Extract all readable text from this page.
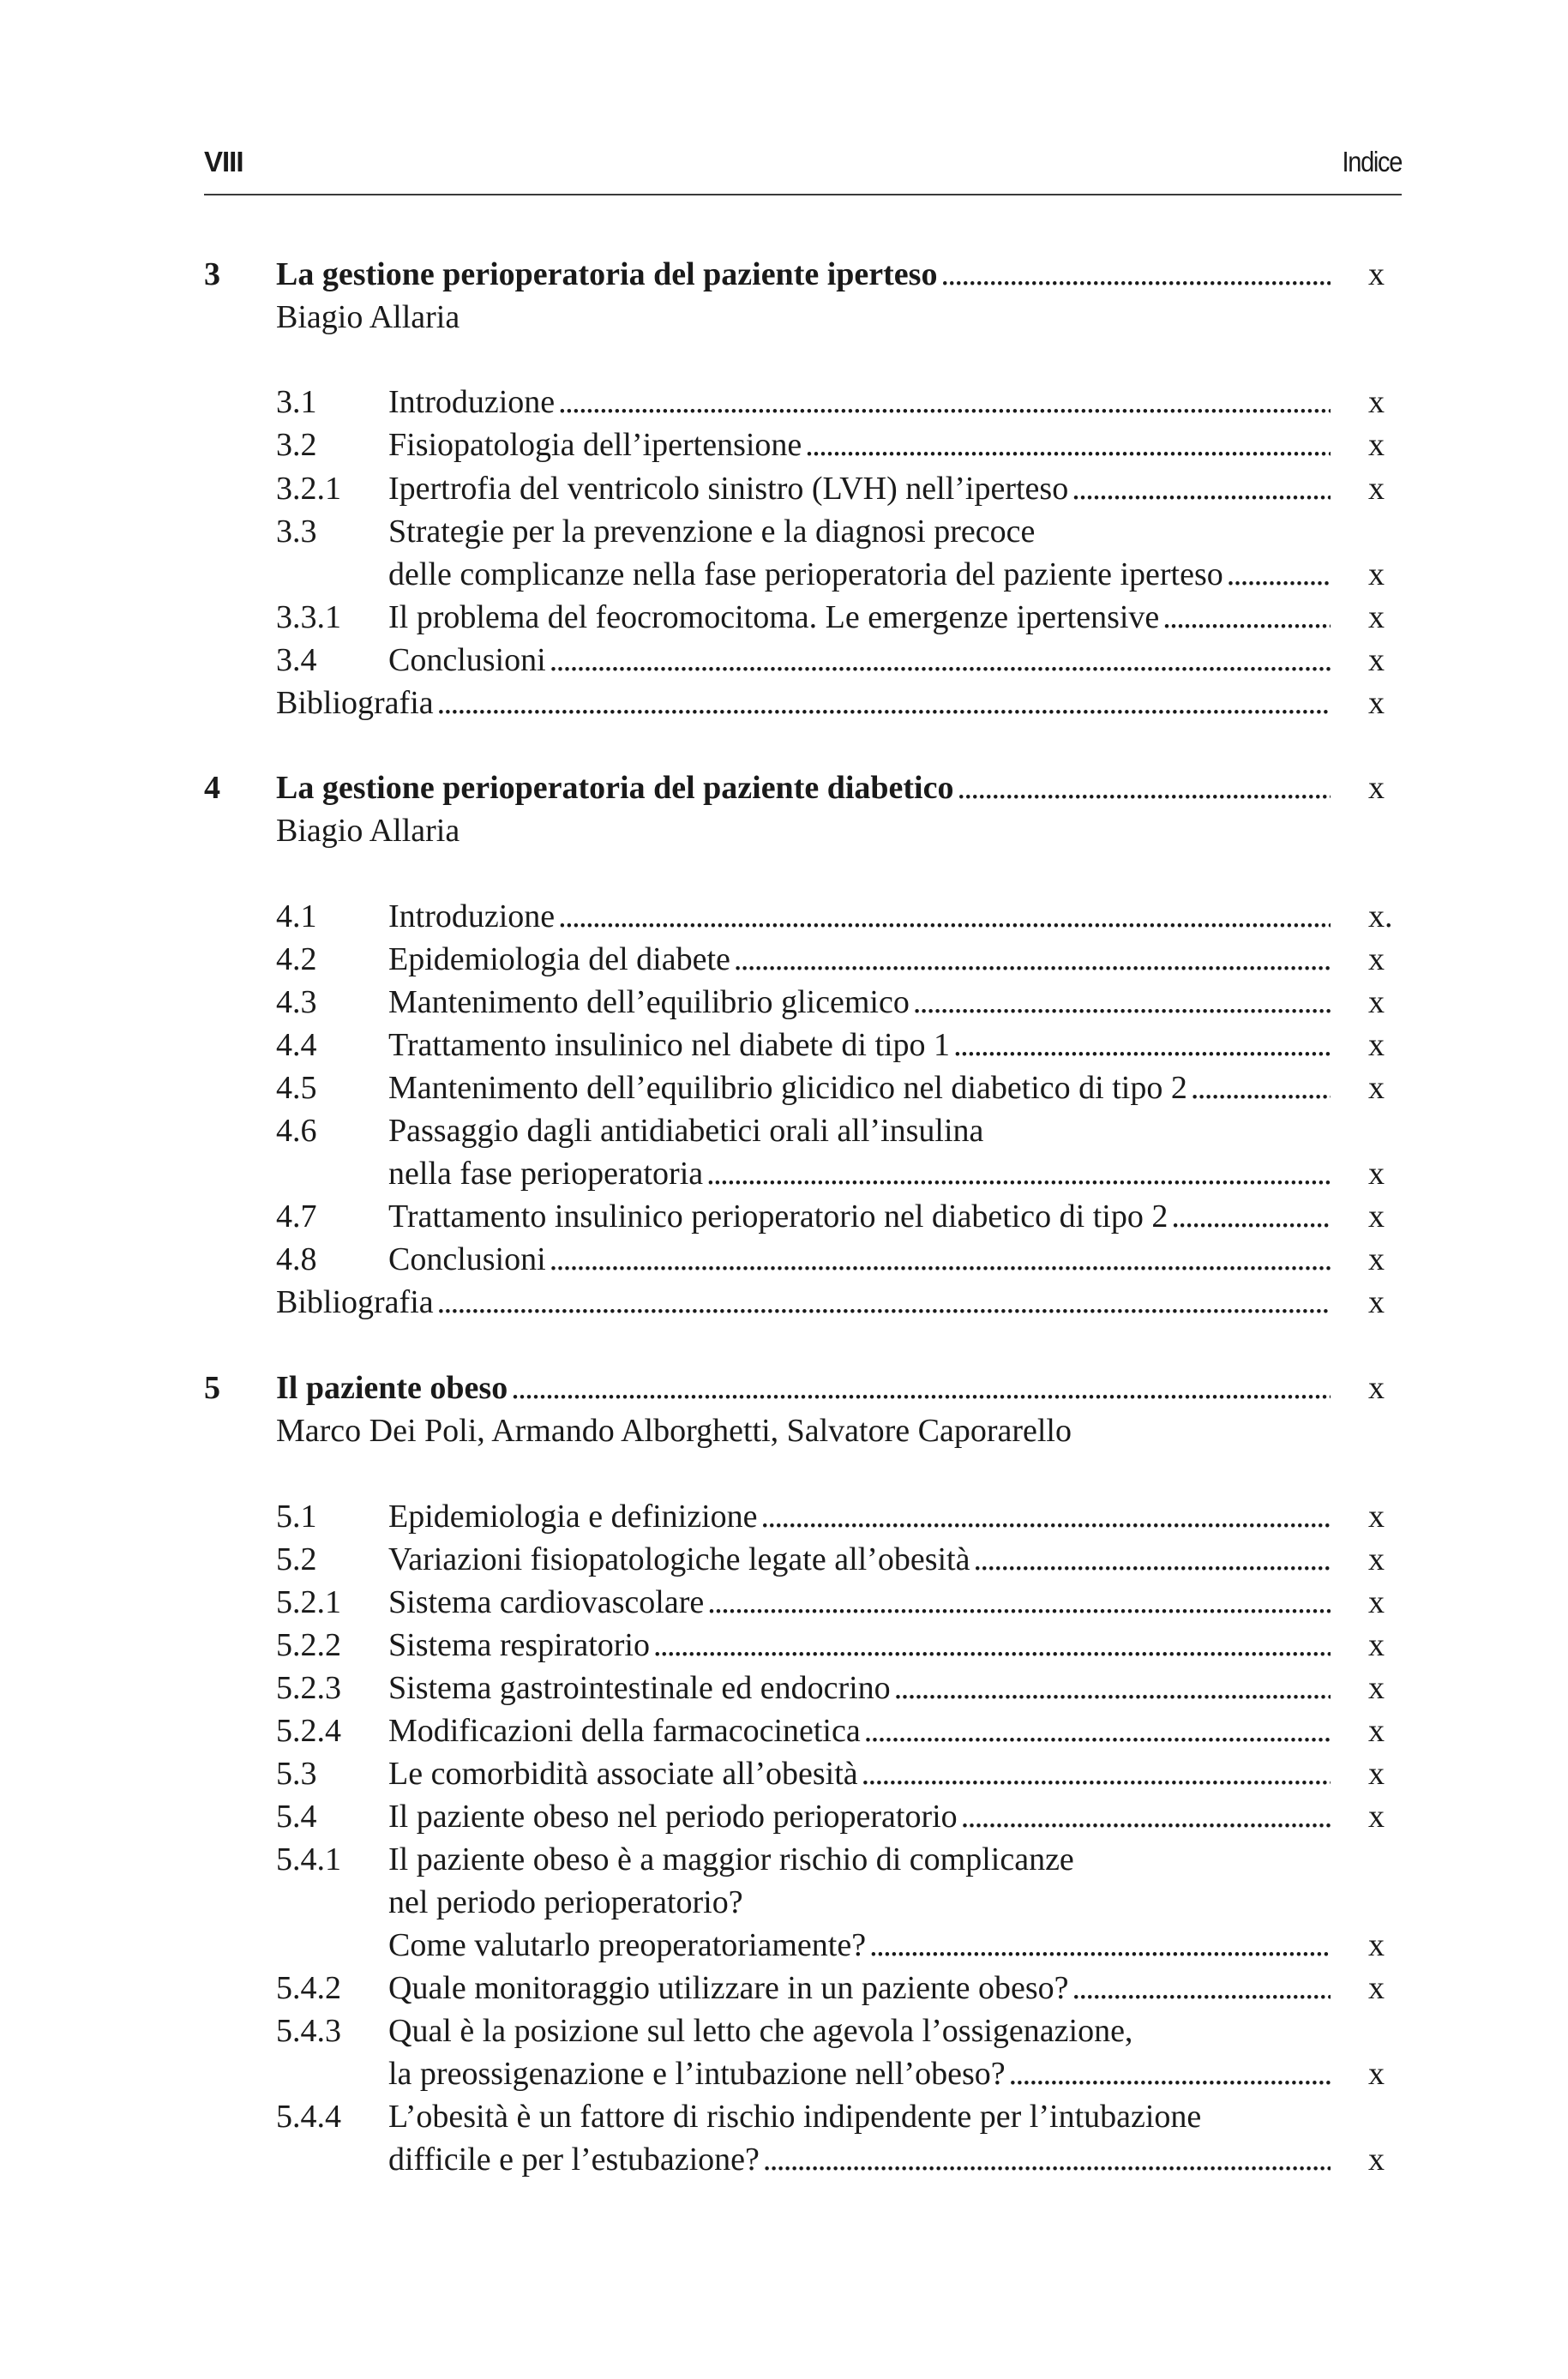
VIII	Indice
3 La gestione perioperatoria del paziente iperteso . . .	x
Biagio Allaria
3.1 Introduzione . . .	x
3.2 Fisiopatologia dell’ipertensione . . .	x
3.2.1 Ipertrofia del ventricolo sinistro (LVH) nell’iperteso . . .	x
3.3 Strategie per la prevenzione e la diagnosi precoce
delle complicanze nella fase perioperatoria del paziente iperteso . . .	x
3.3.1 Il problema del feocromocitoma. Le emergenze ipertensive . . .	x
3.4 Conclusioni . . .	x
Bibliografia . . .	x
4 La gestione perioperatoria del paziente diabetico . . .	x
Biagio Allaria
4.1 Introduzione . . .	x.
4.2 Epidemiologia del diabete . . .	x
4.3 Mantenimento dell’equilibrio glicemico . . .	x
4.4 Trattamento insulinico nel diabete di tipo 1 . . .	x
4.5 Mantenimento dell’equilibrio glicidico nel diabetico di tipo 2 . . .	x
4.6 Passaggio dagli antidiabetici orali all’insulina
nella fase perioperatoria . . .	x
4.7 Trattamento insulinico perioperatorio nel diabetico di tipo 2 . . .	x
4.8 Conclusioni . . .	x
Bibliografia . . .	x
5 Il paziente obeso . . .	x
Marco Dei Poli, Armando Alborghetti, Salvatore Caporarello
5.1 Epidemiologia e definizione . . .	x
5.2 Variazioni fisiopatologiche legate all’obesità . . .	x
5.2.1 Sistema cardiovascolare . . .	x
5.2.2 Sistema respiratorio . . .	x
5.2.3 Sistema gastrointestinale ed endocrino . . .	x
5.2.4 Modificazioni della farmacocinetica . . .	x
5.3 Le comorbidità associate all’obesità . . .	x
5.4 Il paziente obeso nel periodo perioperatorio . . .	x
5.4.1 Il paziente obeso è a maggior rischio di complicanze
nel periodo perioperatorio?
Come valutarlo preoperatoriamente? . . .	x
5.4.2 Quale monitoraggio utilizzare in un paziente obeso? . . .	x
5.4.3 Qual è la posizione sul letto che agevola l’ossigenazione,
la preossigenazione e l’intubazione nell’obeso? . . .	x
5.4.4 L’obesità è un fattore di rischio indipendente per l’intubazione
difficile e per l’estubazione? . . .	x
